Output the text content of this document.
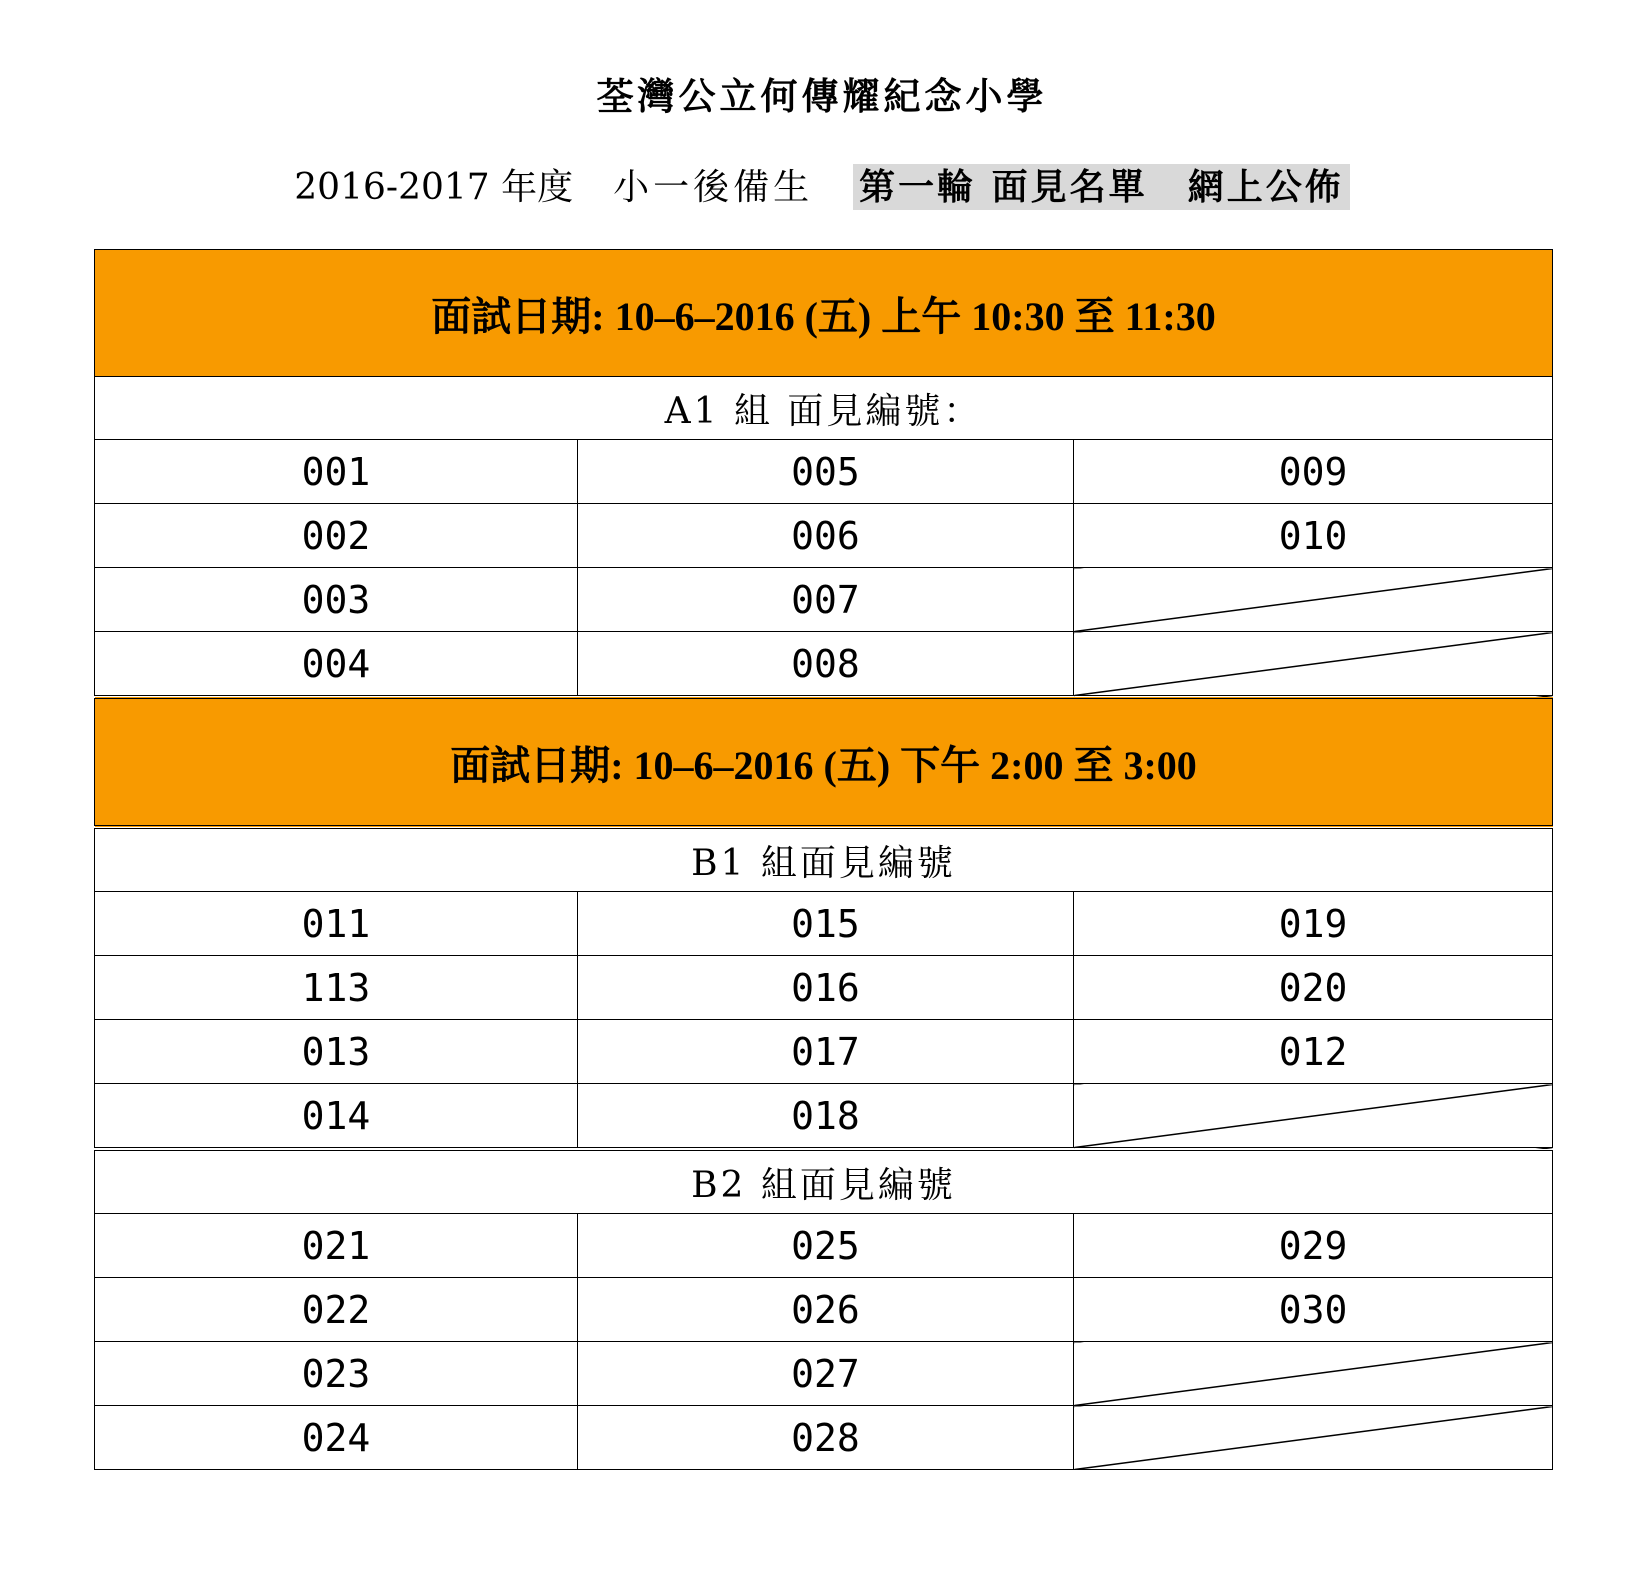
荃灣公立何傳耀紀念小學
2016-2017 年度 小一後備生 第一輪 面見名單 網上公佈
面試日期: 10–6–2016 (五) 上午 10:30 至 11:30		
A1 組 面見編號：		
001	005	009
002	006	010
003	007	
004	008	
面試日期: 10–6–2016 (五) 下午 2:00 至 3:00		
B1 組面見編號		
011	015	019
113	016	020
013	017	012
014	018	
B2 組面見編號		
021	025	029
022	026	030
023	027	
024	028	
